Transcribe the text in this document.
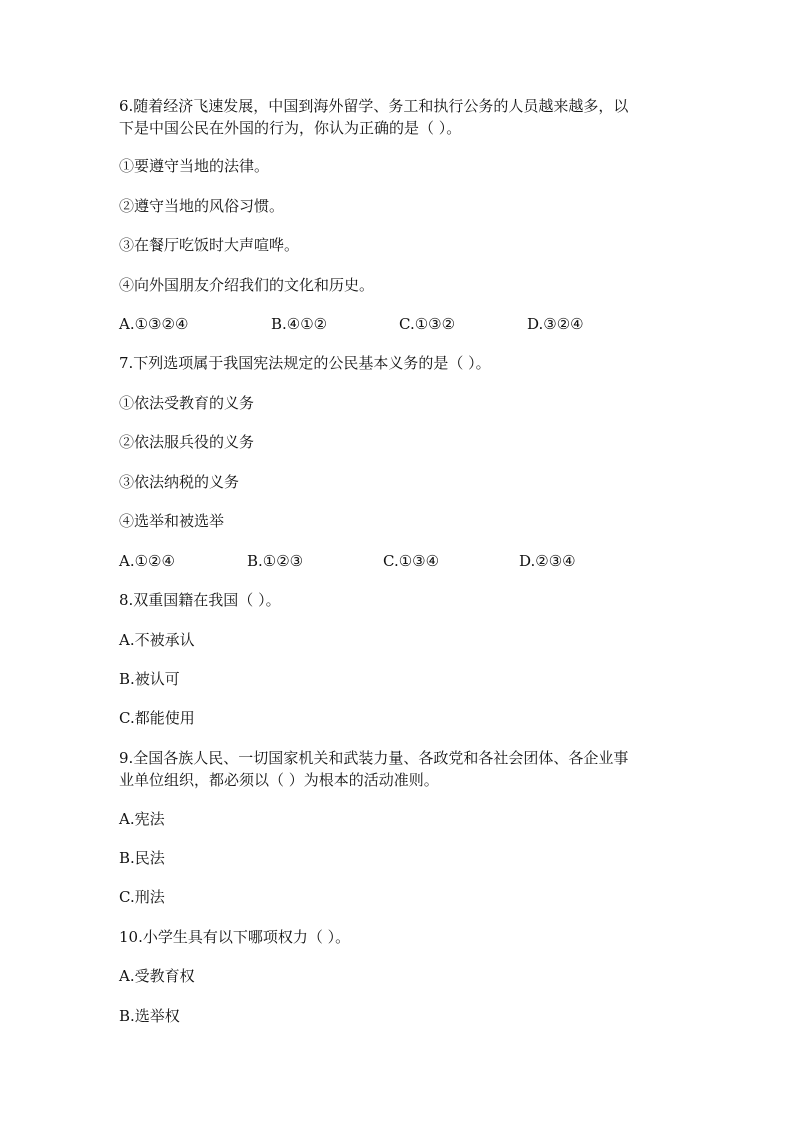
6.随着经济飞速发展，中国到海外留学、务工和执行公务的人员越来越多，以
下是中国公民在外国的行为，你认为正确的是（ ）。
①要遵守当地的法律。
②遵守当地的风俗习惯。
③在餐厅吃饭时大声喧哗。
④向外国朋友介绍我们的文化和历史。
A.①③②④	B.④①②	C.①③②	D.③②④
7.下列选项属于我国宪法规定的公民基本义务的是（ ）。
①依法受教育的义务
②依法服兵役的义务
③依法纳税的义务
④选举和被选举
A.①②④	B.①②③	C.①③④	D.②③④
8.双重国籍在我国（ ）。
A.不被承认
B.被认可
C.都能使用
9.全国各族人民、一切国家机关和武装力量、各政党和各社会团体、各企业事
业单位组织，都必须以（ ）为根本的活动准则。
A.宪法
B.民法
C.刑法
10.小学生具有以下哪项权力（ ）。
A.受教育权
B.选举权
